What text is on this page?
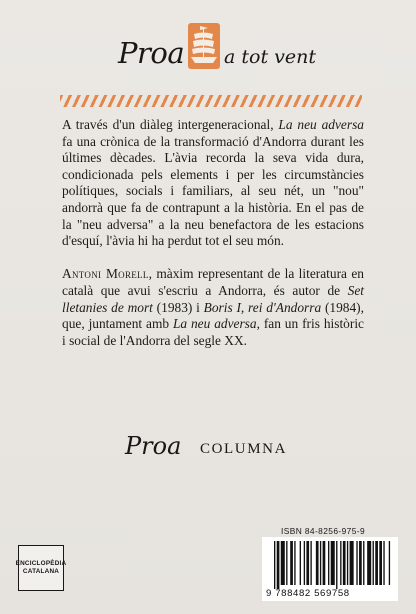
Proa a tot vent

A través d'un diàleg intergeneracional, La neu adversa fa una crònica de la transformació d'Andorra durant les últimes dècades. L'àvia recorda la seva vida dura, condicionada pels elements i per les circumstàncies polítiques, socials i familiars, al seu nét, un "nou" andorrà que fa de contrapunt a la història. En el pas de la "neu adversa" a la neu benefactora de les estacions d'esquí, l'àvia hi ha perdut tot el seu món.

Antoni Morell, màxim representant de la literatura en català que avui s'escriu a Andorra, és autor de Set lletanies de mort (1983) i Boris I, rei d'Andorra (1984), que, juntament amb La neu adversa, fan un fris històric i social de l'Andorra del segle XX.

Proa COLUMNA
ENCICLOPÈDIA
CATALANA
ISBN 84-8256-975-9
9 788482 569758
